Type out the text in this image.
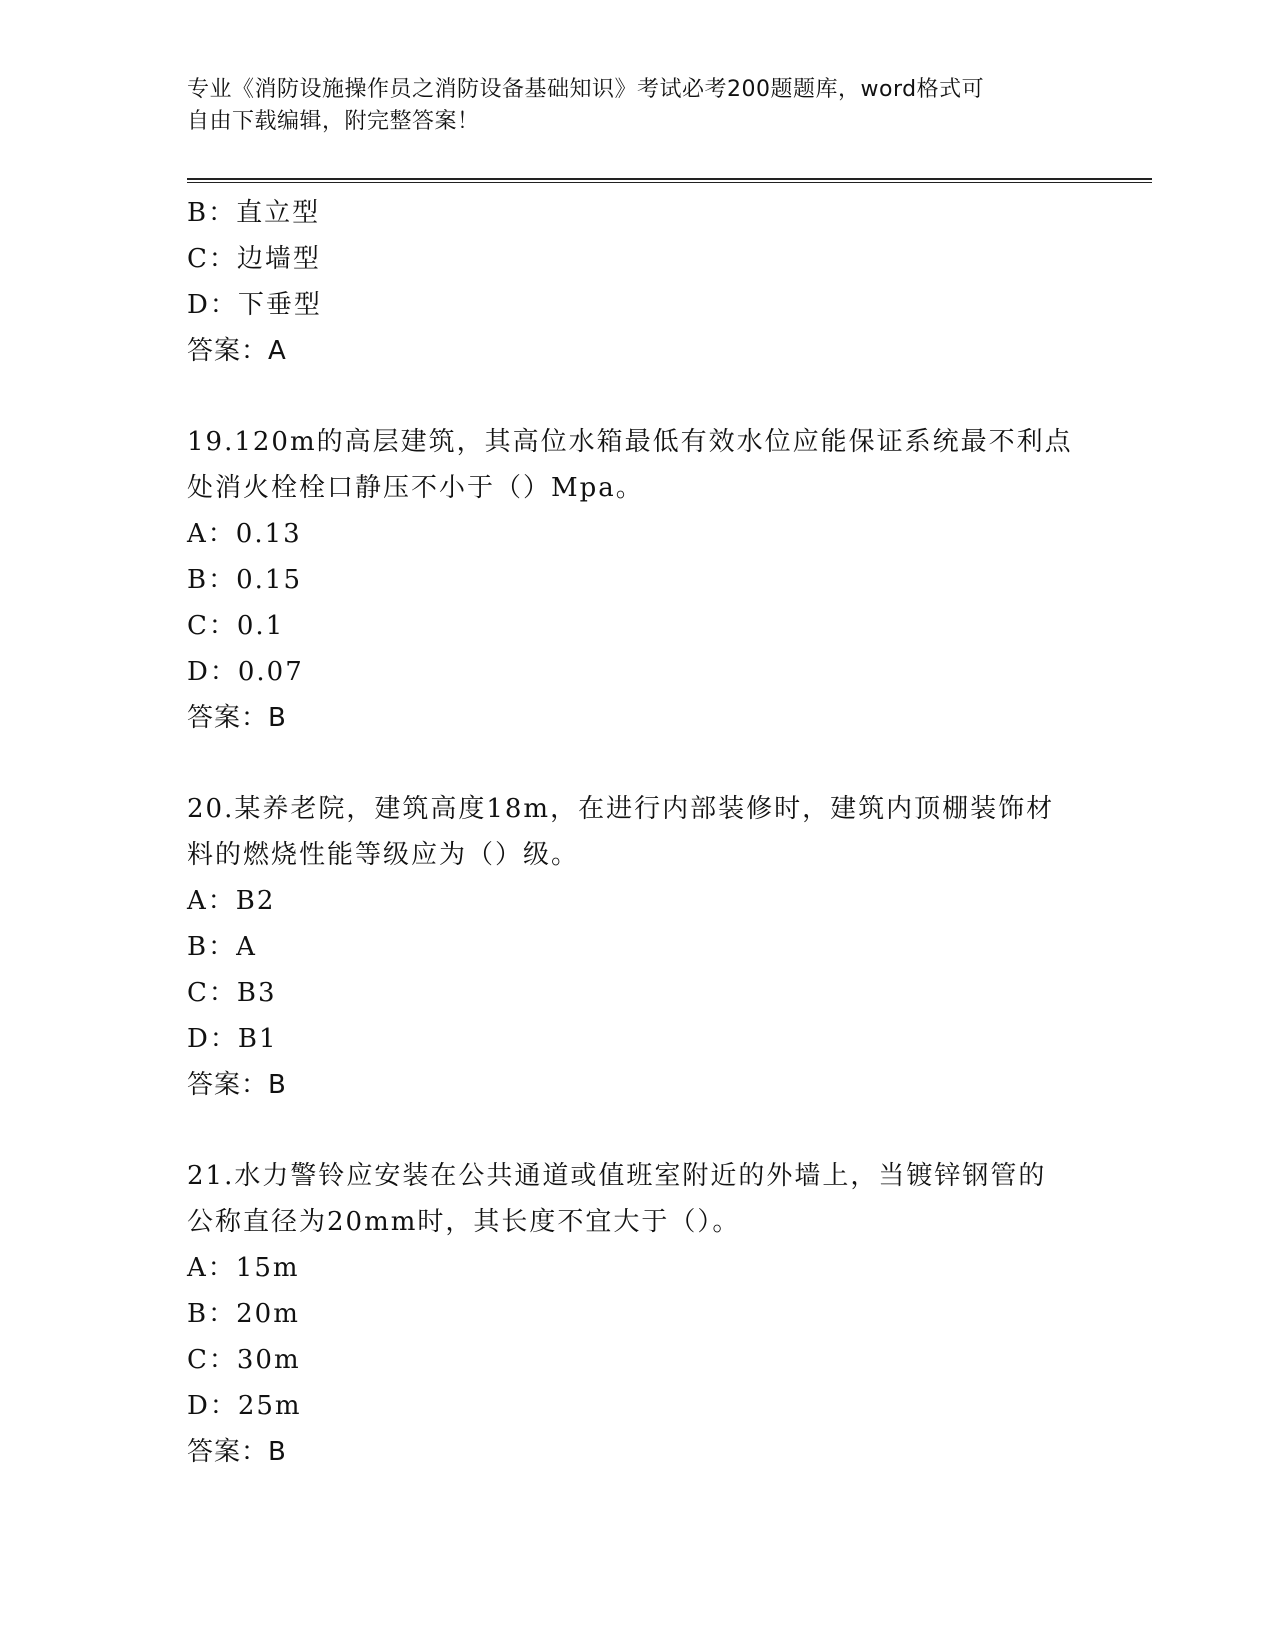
专业《消防设施操作员之消防设备基础知识》考试必考200题题库，word格式可
自由下载编辑，附完整答案！
B：直立型
C：边墙型
D：下垂型
答案：A
19.120m的高层建筑，其高位水箱最低有效水位应能保证系统最不利点
处消火栓栓口静压不小于（）Mpa。
A：0.13
B：0.15
C：0.1
D：0.07
答案：B
20.某养老院，建筑高度18m，在进行内部装修时，建筑内顶棚装饰材
料的燃烧性能等级应为（）级。
A：B2
B：A
C：B3
D：B1
答案：B
21.水力警铃应安装在公共通道或值班室附近的外墙上，当镀锌钢管的
公称直径为20mm时，其长度不宜大于（）。
A：15m
B：20m
C：30m
D：25m
答案：B
